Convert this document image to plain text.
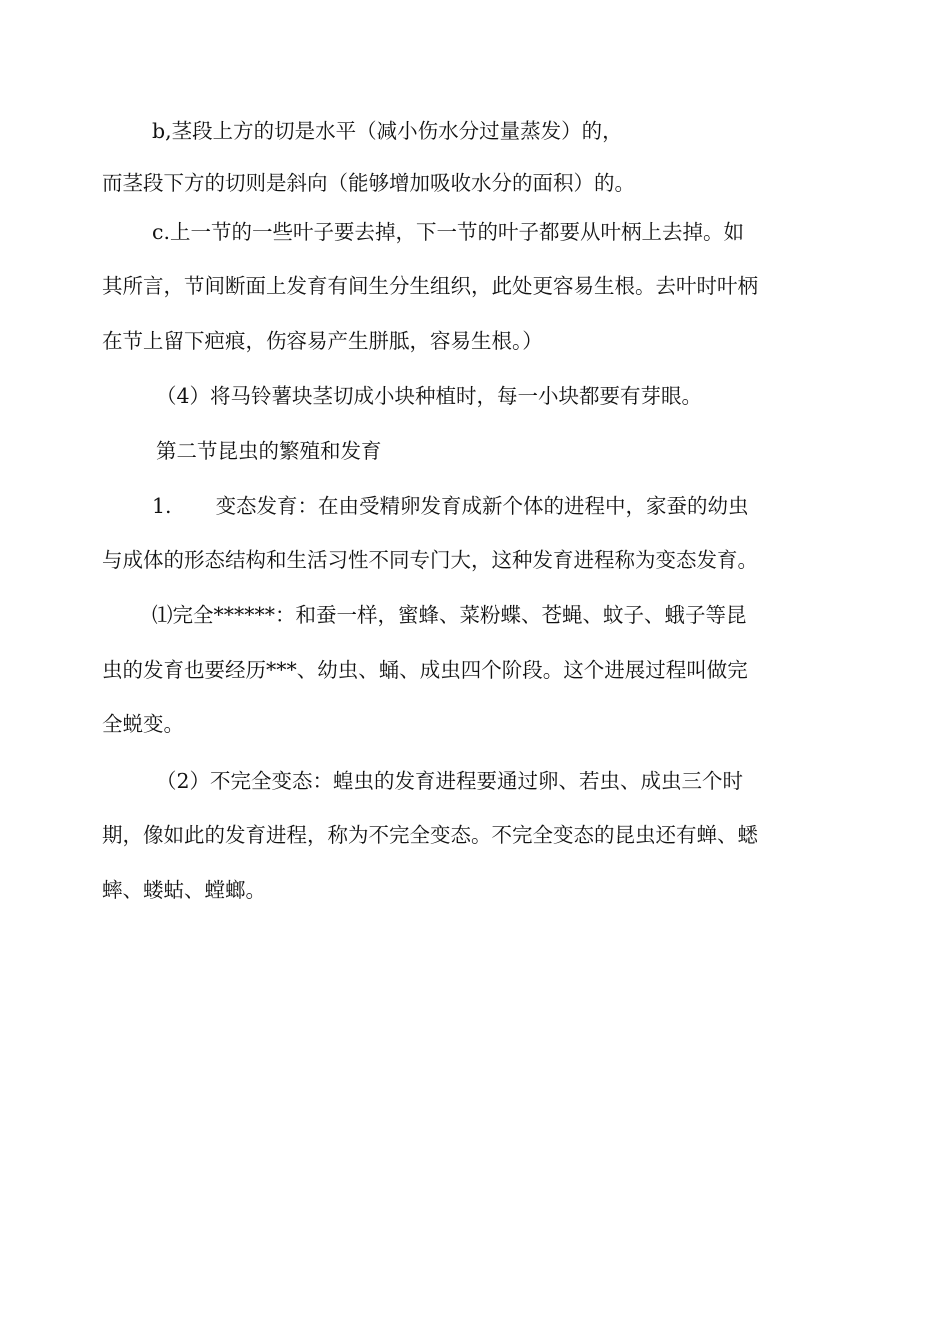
b,茎段上方的切是水平（减小伤水分过量蒸发）的，
而茎段下方的切则是斜向（能够增加吸收水分的面积）的。
c.上一节的一些叶子要去掉，下一节的叶子都要从叶柄上去掉。如
其所言，节间断面上发育有间生分生组织，此处更容易生根。去叶时叶柄
在节上留下疤痕，伤容易产生胼胝，容易生根。）
（4）将马铃薯块茎切成小块种植时，每一小块都要有芽眼。
第二节昆虫的繁殖和发育
1. 变态发育：在由受精卵发育成新个体的进程中，家蚕的幼虫
与成体的形态结构和生活习性不同专门大，这种发育进程称为变态发育。
⑴完全******：和蚕一样，蜜蜂、菜粉蝶、苍蝇、蚊子、蛾子等昆
虫的发育也要经历***、幼虫、蛹、成虫四个阶段。这个进展过程叫做完
全蜕变。
（2）不完全变态：蝗虫的发育进程要通过卵、若虫、成虫三个时
期，像如此的发育进程，称为不完全变态。不完全变态的昆虫还有蝉、蟋
蟀、蝼蛄、螳螂。
